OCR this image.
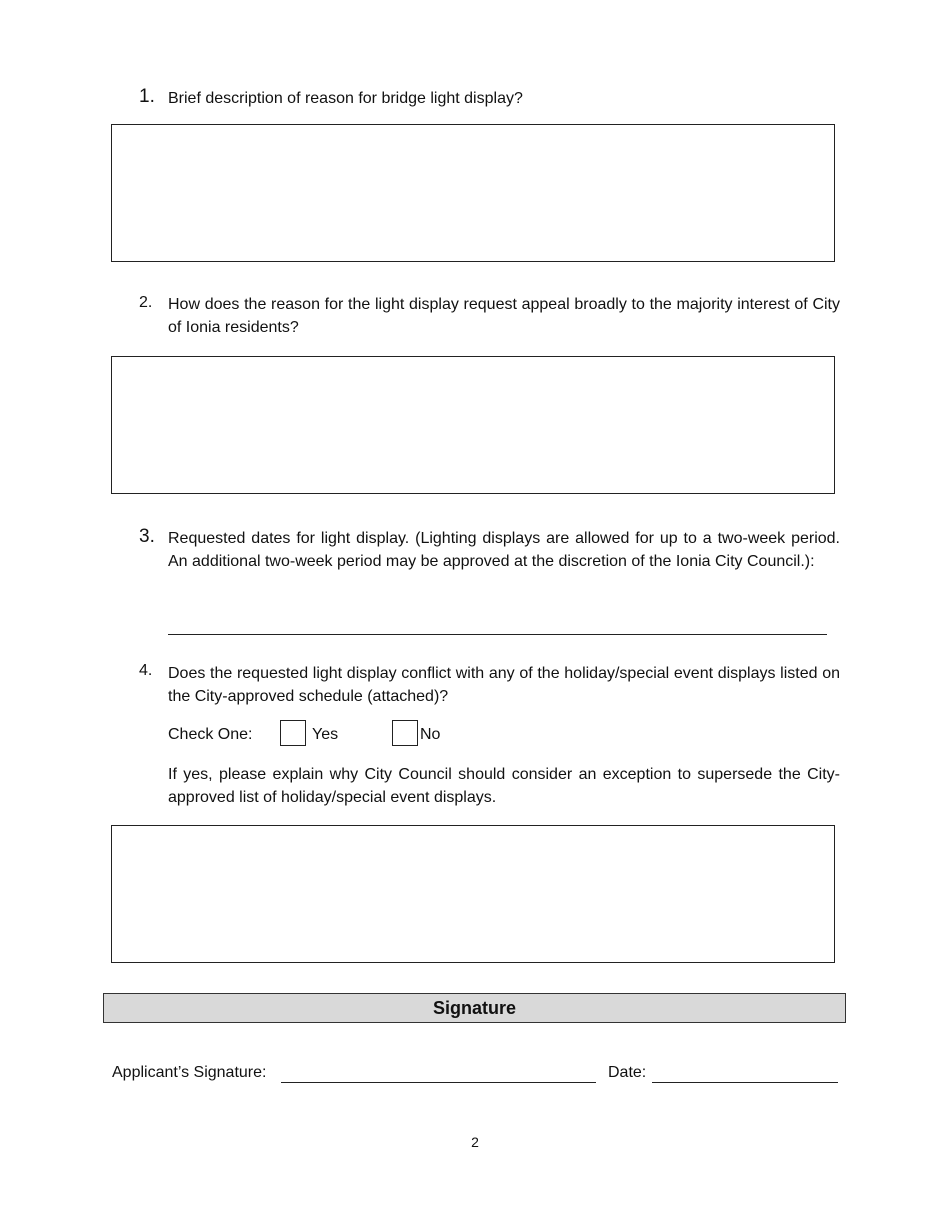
1. Brief description of reason for bridge light display?
2. How does the reason for the light display request appeal broadly to the majority interest of City of Ionia residents?
3. Requested dates for light display. (Lighting displays are allowed for up to a two-week period. An additional two-week period may be approved at the discretion of the Ionia City Council.):
4. Does the requested light display conflict with any of the holiday/special event displays listed on the City-approved schedule (attached)?
Check One:	Yes	No
If yes, please explain why City Council should consider an exception to supersede the City-approved list of holiday/special event displays.
Signature
Applicant’s Signature:	Date:
2
